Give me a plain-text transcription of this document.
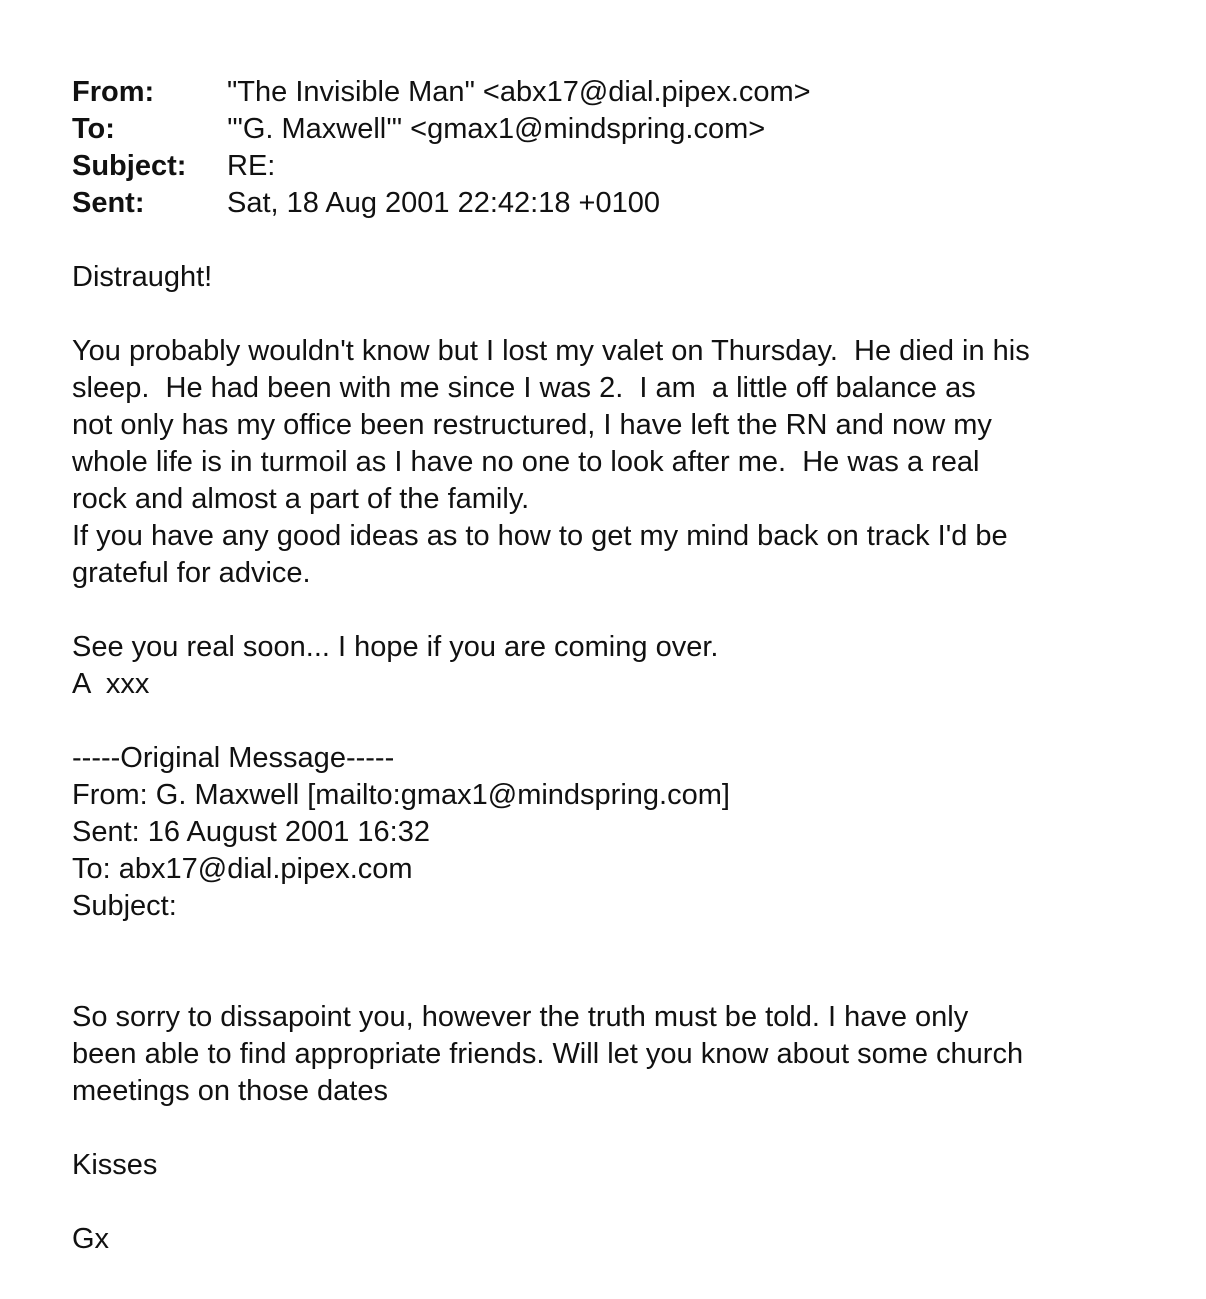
From:	"The Invisible Man" <abx17@dial.pipex.com>
To:	'"G. Maxwell'" <gmax1@mindspring.com>
Subject:	RE:
Sent:	Sat, 18 Aug 2001 22:42:18 +0100
Distraught!
You probably wouldn't know but I lost my valet on Thursday.  He died in his
sleep.  He had been with me since I was 2.  I am  a little off balance as
not only has my office been restructured, I have left the RN and now my
whole life is in turmoil as I have no one to look after me.  He was a real
rock and almost a part of the family.
If you have any good ideas as to how to get my mind back on track I'd be
grateful for advice.
See you real soon... I hope if you are coming over.
A  xxx
-----Original Message-----
From: G. Maxwell [mailto:gmax1@mindspring.com]
Sent: 16 August 2001 16:32
To: abx17@dial.pipex.com
Subject:
So sorry to dissapoint you, however the truth must be told. I have only
been able to find appropriate friends. Will let you know about some church
meetings on those dates
Kisses
Gx
